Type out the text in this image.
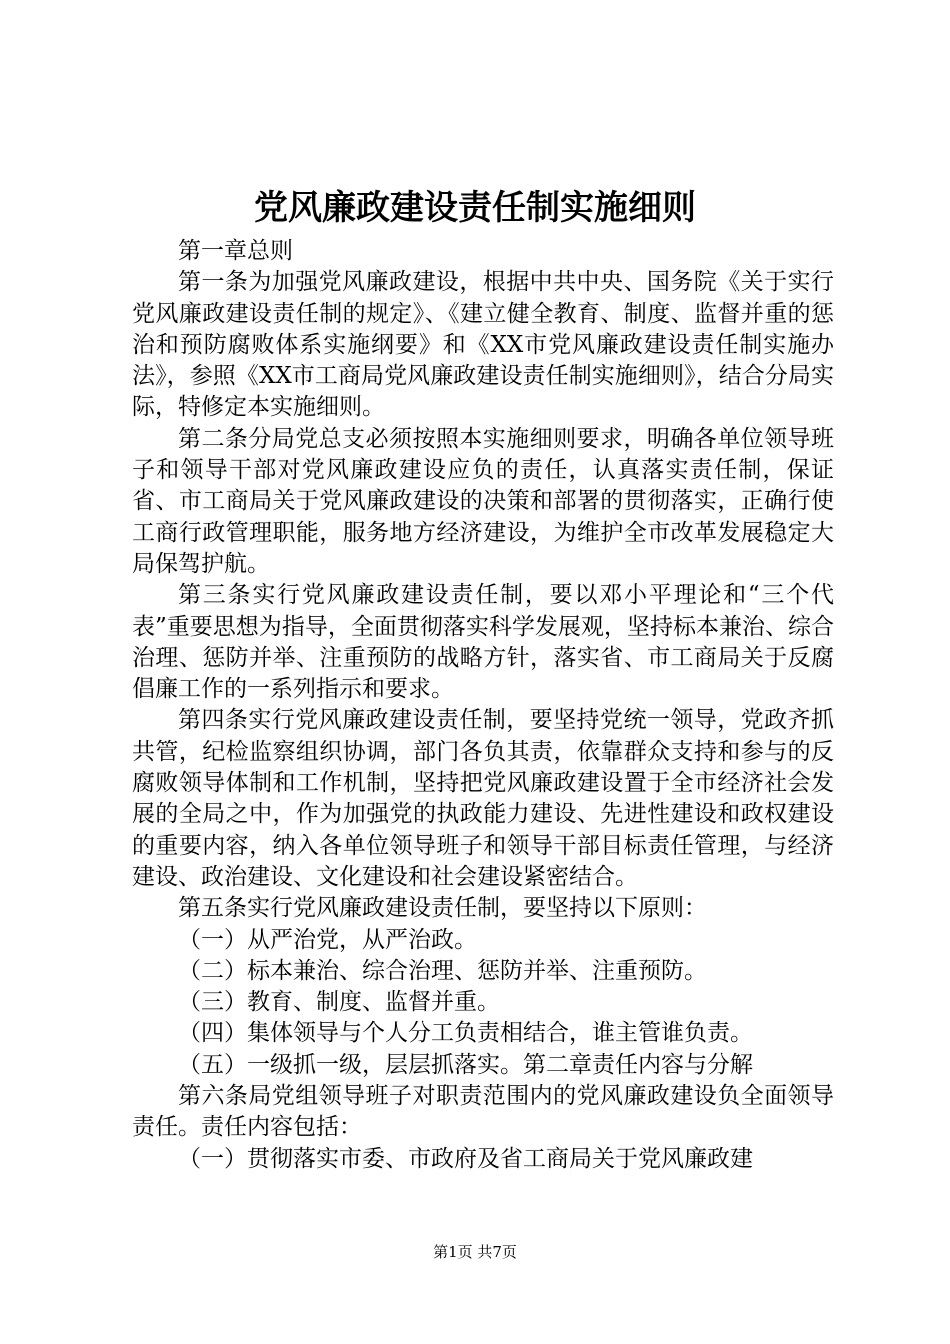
党风廉政建设责任制实施细则

第一章总则

第一条为加强党风廉政建设，根据中共中央、国务院《关于实行党风廉政建设责任制的规定》、《建立健全教育、制度、监督并重的惩治和预防腐败体系实施纲要》和《XX市党风廉政建设责任制实施办法》，参照《XX市工商局党风廉政建设责任制实施细则》，结合分局实际，特修定本实施细则。

第二条分局党总支必须按照本实施细则要求，明确各单位领导班子和领导干部对党风廉政建设应负的责任，认真落实责任制，保证省、市工商局关于党风廉政建设的决策和部署的贯彻落实，正确行使工商行政管理职能，服务地方经济建设，为维护全市改革发展稳定大局保驾护航。

第三条实行党风廉政建设责任制，要以邓小平理论和“三个代表”重要思想为指导，全面贯彻落实科学发展观，坚持标本兼治、综合治理、惩防并举、注重预防的战略方针，落实省、市工商局关于反腐倡廉工作的一系列指示和要求。

第四条实行党风廉政建设责任制，要坚持党统一领导，党政齐抓共管，纪检监察组织协调，部门各负其责，依靠群众支持和参与的反腐败领导体制和工作机制，坚持把党风廉政建设置于全市经济社会发展的全局之中，作为加强党的执政能力建设、先进性建设和政权建设的重要内容，纳入各单位领导班子和领导干部目标责任管理，与经济建设、政治建设、文化建设和社会建设紧密结合。

第五条实行党风廉政建设责任制，要坚持以下原则：

（一）从严治党，从严治政。

（二）标本兼治、综合治理、惩防并举、注重预防。

（三）教育、制度、监督并重。

（四）集体领导与个人分工负责相结合，谁主管谁负责。

（五）一级抓一级，层层抓落实。第二章责任内容与分解

第六条局党组领导班子对职责范围内的党风廉政建设负全面领导责任。责任内容包括：

（一）贯彻落实市委、市政府及省工商局关于党风廉政建

第1页 共7页
